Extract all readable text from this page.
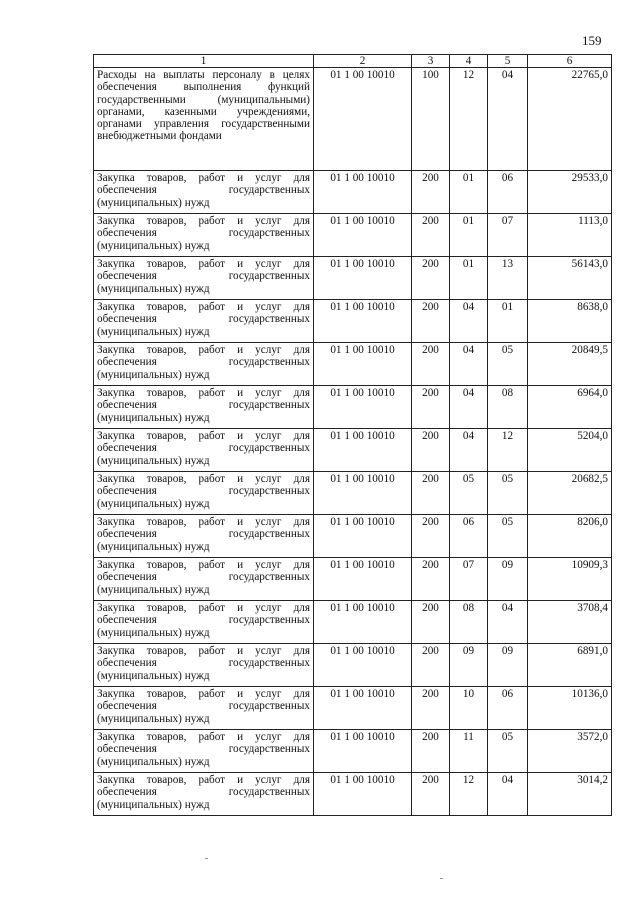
159
1	2	3	4	5	6
Расходы на выплаты персоналу в целях обеспечения выполнения функций государственными (муниципальными) органами, казенными учреждениями, органами управления государственными внебюджетными фондами	01 1 00 10010	100	12	04	22765,0
Закупка товаров, работ и услуг для обеспечения государственных (муниципальных) нужд	01 1 00 10010	200	01	06	29533,0
Закупка товаров, работ и услуг для обеспечения государственных (муниципальных) нужд	01 1 00 10010	200	01	07	1113,0
Закупка товаров, работ и услуг для обеспечения государственных (муниципальных) нужд	01 1 00 10010	200	01	13	56143,0
Закупка товаров, работ и услуг для обеспечения государственных (муниципальных) нужд	01 1 00 10010	200	04	01	8638,0
Закупка товаров, работ и услуг для обеспечения государственных (муниципальных) нужд	01 1 00 10010	200	04	05	20849,5
Закупка товаров, работ и услуг для обеспечения государственных (муниципальных) нужд	01 1 00 10010	200	04	08	6964,0
Закупка товаров, работ и услуг для обеспечения государственных (муниципальных) нужд	01 1 00 10010	200	04	12	5204,0
Закупка товаров, работ и услуг для обеспечения государственных (муниципальных) нужд	01 1 00 10010	200	05	05	20682,5
Закупка товаров, работ и услуг для обеспечения государственных (муниципальных) нужд	01 1 00 10010	200	06	05	8206,0
Закупка товаров, работ и услуг для обеспечения государственных (муниципальных) нужд	01 1 00 10010	200	07	09	10909,3
Закупка товаров, работ и услуг для обеспечения государственных (муниципальных) нужд	01 1 00 10010	200	08	04	3708,4
Закупка товаров, работ и услуг для обеспечения государственных (муниципальных) нужд	01 1 00 10010	200	09	09	6891,0
Закупка товаров, работ и услуг для обеспечения государственных (муниципальных) нужд	01 1 00 10010	200	10	06	10136,0
Закупка товаров, работ и услуг для обеспечения государственных (муниципальных) нужд	01 1 00 10010	200	11	05	3572,0
Закупка товаров, работ и услуг для обеспечения государственных (муниципальных) нужд	01 1 00 10010	200	12	04	3014,2
